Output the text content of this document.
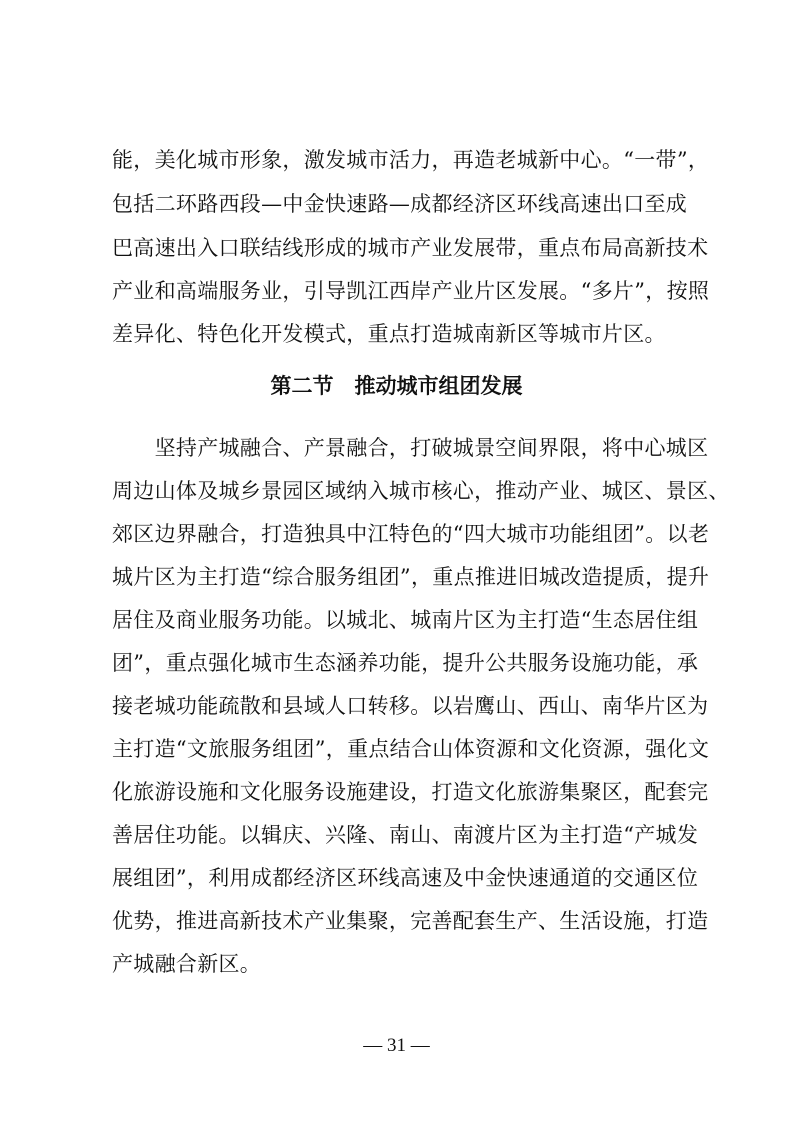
能，美化城市形象，激发城市活力，再造老城新中心。“一带”，
包括二环路西段—中金快速路—成都经济区环线高速出口至成
巴高速出入口联结线形成的城市产业发展带，重点布局高新技术
产业和高端服务业，引导凯江西岸产业片区发展。“多片”，按照
差异化、特色化开发模式，重点打造城南新区等城市片区。
第二节　推动城市组团发展
　　坚持产城融合、产景融合，打破城景空间界限，将中心城区
周边山体及城乡景园区域纳入城市核心，推动产业、城区、景区、
郊区边界融合，打造独具中江特色的“四大城市功能组团”。以老
城片区为主打造“综合服务组团”，重点推进旧城改造提质，提升
居住及商业服务功能。以城北、城南片区为主打造“生态居住组
团”，重点强化城市生态涵养功能，提升公共服务设施功能，承
接老城功能疏散和县域人口转移。以岩鹰山、西山、南华片区为
主打造“文旅服务组团”，重点结合山体资源和文化资源，强化文
化旅游设施和文化服务设施建设，打造文化旅游集聚区，配套完
善居住功能。以辑庆、兴隆、南山、南渡片区为主打造“产城发
展组团”，利用成都经济区环线高速及中金快速通道的交通区位
优势，推进高新技术产业集聚，完善配套生产、生活设施，打造
产城融合新区。
— 31 —
